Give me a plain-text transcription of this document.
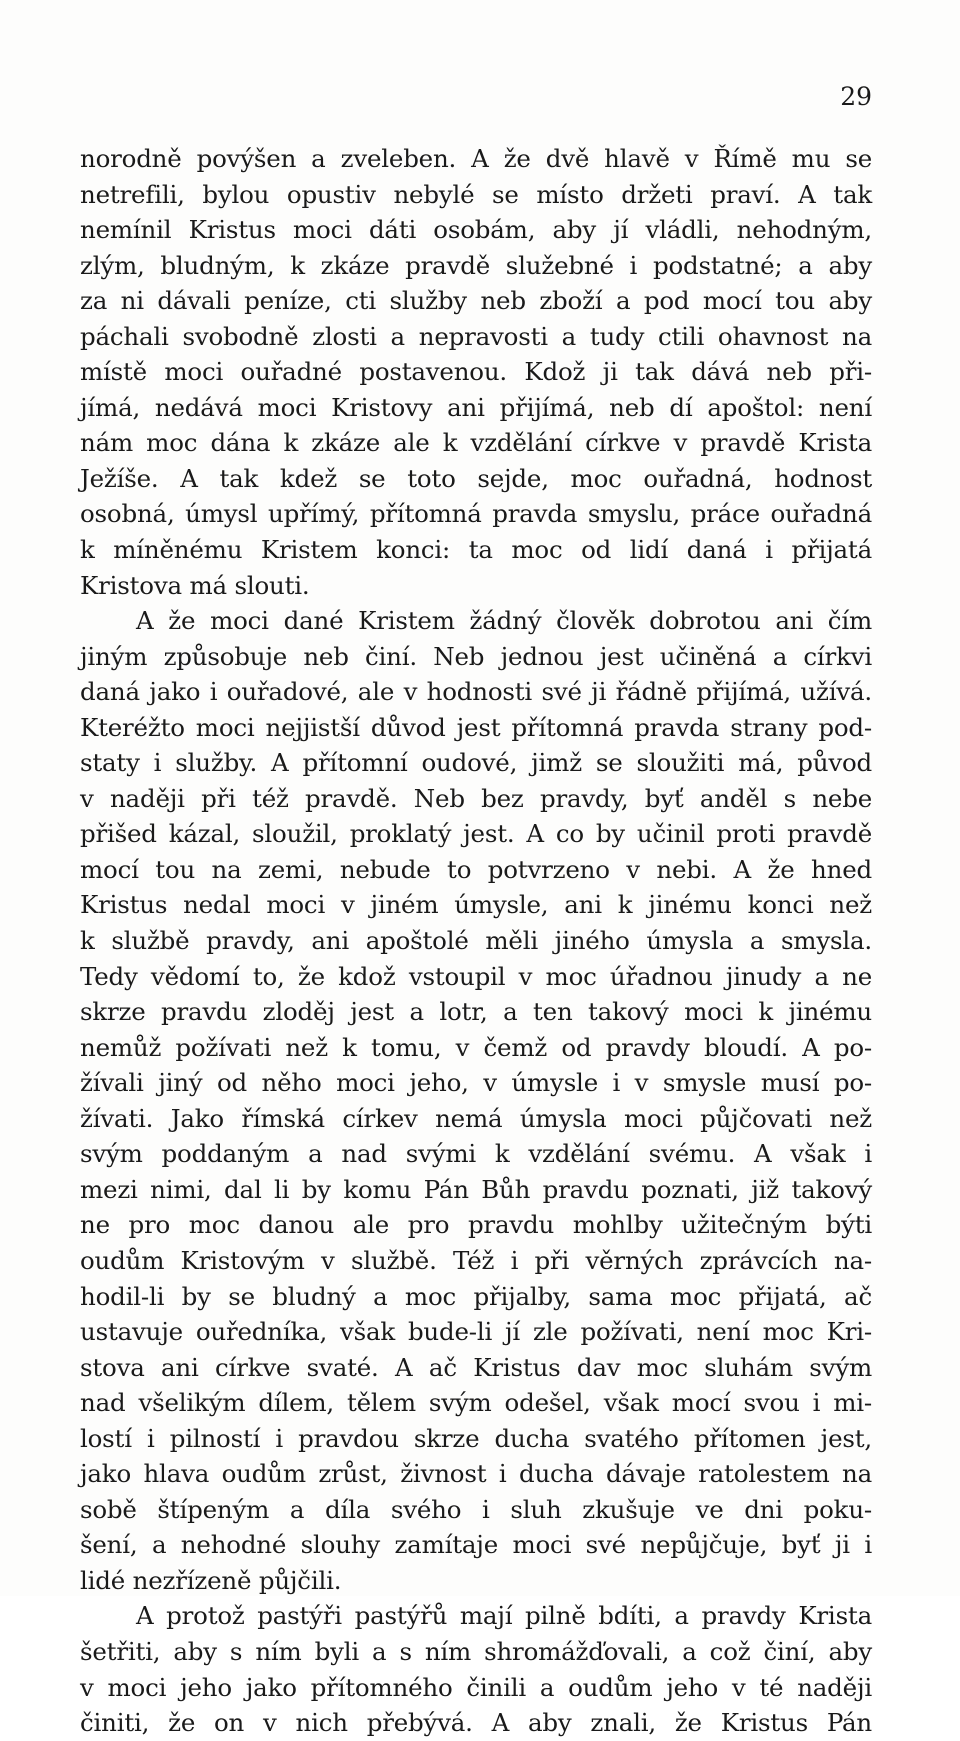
29
norodně povýšen a zveleben. A že dvě hlavě v Římě mu se
netrefili, bylou opustiv nebylé se místo držeti praví. A tak
nemínil Kristus moci dáti osobám, aby jí vládli, nehodným,
zlým, bludným, k zkáze pravdě služebné i podstatné; a aby
za ni dávali peníze, cti služby neb zboží a pod mocí tou aby
páchali svobodně zlosti a nepravosti a tudy ctili ohavnost na
místě moci ouřadné postavenou. Kdož ji tak dává neb při-
jímá, nedává moci Kristovy ani přijímá, neb dí apoštol: není
nám moc dána k zkáze ale k vzdělání církve v pravdě Krista
Ježíše. A tak kdež se toto sejde, moc ouřadná, hodnost
osobná, úmysl upřímý, přítomná pravda smyslu, práce ouřadná
k míněnému Kristem konci: ta moc od lidí daná i přijatá
Kristova má slouti.
A že moci dané Kristem žádný člověk dobrotou ani čím
jiným způsobuje neb činí. Neb jednou jest učiněná a církvi
daná jako i ouřadové, ale v hodnosti své ji řádně přijímá, užívá.
Kteréžto moci nejjistší důvod jest přítomná pravda strany pod-
staty i služby. A přítomní oudové, jimž se sloužiti má, původ
v naději při též pravdě. Neb bez pravdy, byť anděl s nebe
přišed kázal, sloužil, proklatý jest. A co by učinil proti pravdě
mocí tou na zemi, nebude to potvrzeno v nebi. A že hned
Kristus nedal moci v jiném úmysle, ani k jinému konci než
k službě pravdy, ani apoštolé měli jiného úmysla a smysla.
Tedy vědomí to, že kdož vstoupil v moc úřadnou jinudy a ne
skrze pravdu zloděj jest a lotr, a ten takový moci k jinému
nemůž požívati než k tomu, v čemž od pravdy bloudí. A po-
žívali jiný od něho moci jeho, v úmysle i v smysle musí po-
žívati. Jako římská církev nemá úmysla moci půjčovati než
svým poddaným a nad svými k vzdělání svému. A však i
mezi nimi, dal li by komu Pán Bůh pravdu poznati, již takový
ne pro moc danou ale pro pravdu mohlby užitečným býti
oudům Kristovým v službě. Též i při věrných zprávcích na-
hodil-li by se bludný a moc přijalby, sama moc přijatá, ač
ustavuje ouředníka, však bude-li jí zle požívati, není moc Kri-
stova ani církve svaté. A ač Kristus dav moc sluhám svým
nad všelikým dílem, tělem svým odešel, však mocí svou i mi-
lostí i pilností i pravdou skrze ducha svatého přítomen jest,
jako hlava oudům zrůst, živnost i ducha dávaje ratolestem na
sobě štípeným a díla svého i sluh zkušuje ve dni poku-
šení, a nehodné slouhy zamítaje moci své nepůjčuje, byť ji i
lidé nezřízeně půjčili.
A protož pastýři pastýřů mají pilně bdíti, a pravdy Krista
šetřiti, aby s ním byli a s ním shromážďovali, a což činí, aby
v moci jeho jako přítomného činili a oudům jeho v té naději
činiti, že on v nich přebývá. A aby znali, že Kristus Pán
